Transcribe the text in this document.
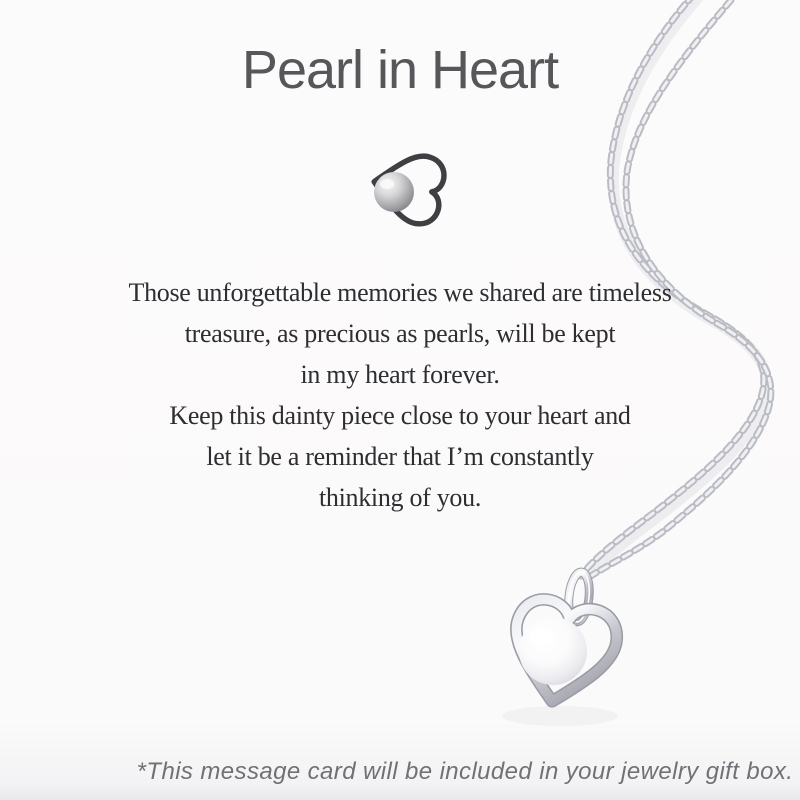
Pearl in Heart
Those unforgettable memories we shared are timeless
treasure, as precious as pearls, will be kept
in my heart forever.
Keep this dainty piece close to your heart and
let it be a reminder that I’m constantly
thinking of you.
*This message card will be included in your jewelry gift box.
